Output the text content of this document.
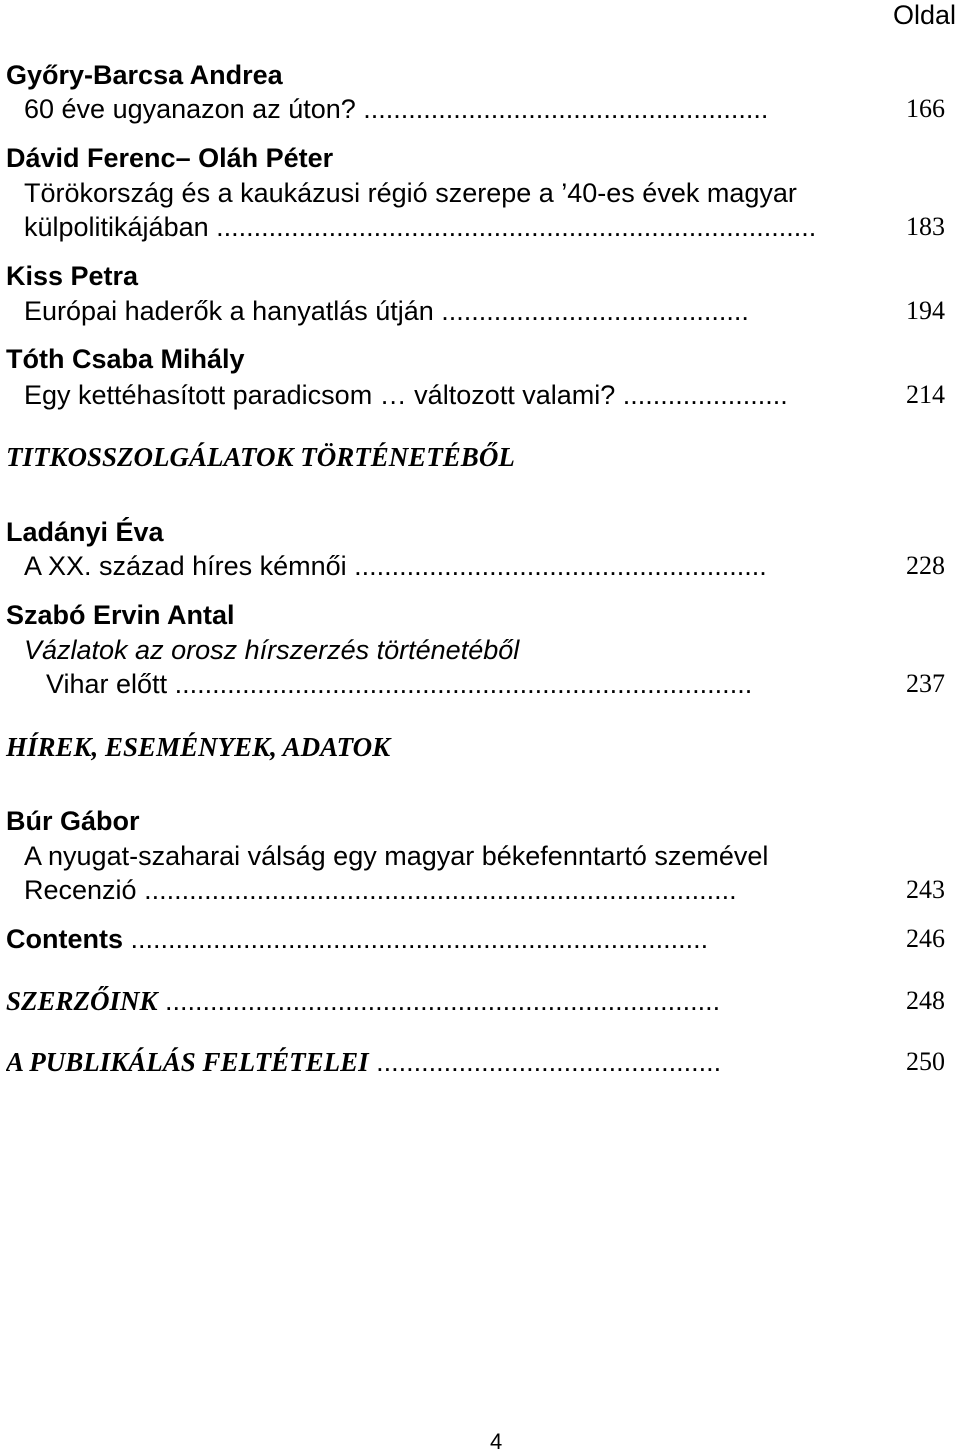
Oldal
Győry-Barcsa Andrea
60 éve ugyanazon az úton? ......................................................	166
Dávid Ferenc– Oláh Péter
Törökország és a kaukázusi régió szerepe a ’40-es évek magyar
külpolitikájában ................................................................................	183
Kiss Petra
Európai haderők a hanyatlás útján .........................................	194
Tóth Csaba Mihály
Egy kettéhasított paradicsom … változott valami? ......................	214
TITKOSSZOLGÁLATOK TÖRTÉNETÉBŐL
Ladányi Éva
A XX. század híres kémnői .......................................................	228
Szabó Ervin Antal
Vázlatok az orosz hírszerzés történetéből
Vihar előtt .............................................................................	237
HÍREK, ESEMÉNYEK, ADATOK
Búr Gábor
A nyugat-szaharai válság egy magyar békefenntartó szemével
Recenzió ...............................................................................	243
Contents .............................................................................	246
SZERZŐINK ..........................................................................	248
A PUBLIKÁLÁS FELTÉTELEI ..............................................	250
4
